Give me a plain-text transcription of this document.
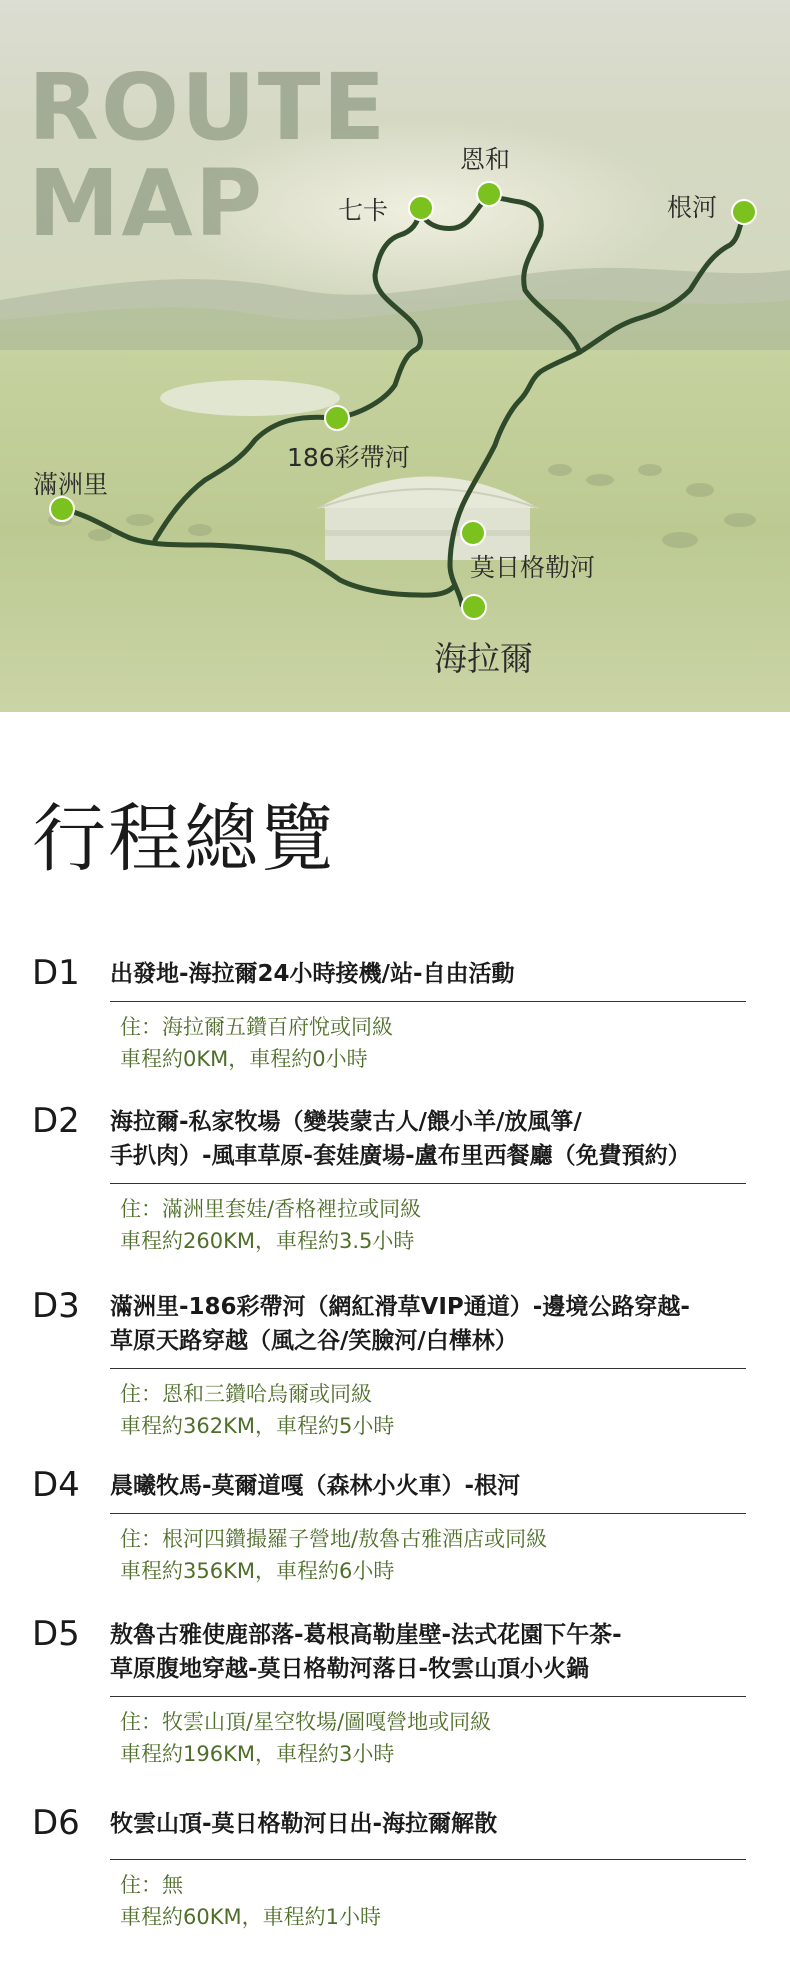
ROUTE
MAP	恩和
七卡	根河
186彩帶河
滿洲里
莫日格勒河
海拉爾
行程總覽
D1 出發地-海拉爾24小時接機/站-自由活動
住：海拉爾五鑽百府悅或同級
車程約0KM，車程約0小時
D2 海拉爾-私家牧場（變裝蒙古人/餵小羊/放風箏/
手扒肉）-風車草原-套娃廣場-盧布里西餐廳（免費預約）
住：滿洲里套娃/香格裡拉或同級
車程約260KM，車程約3.5小時
D3 滿洲里-186彩帶河（網紅滑草VIP通道）-邊境公路穿越-
草原天路穿越（風之谷/笑臉河/白樺林）
住：恩和三鑽哈烏爾或同級
車程約362KM，車程約5小時
D4 晨曦牧馬-莫爾道嘎（森林小火車）-根河
住：根河四鑽撮羅子營地/敖魯古雅酒店或同級
車程約356KM，車程約6小時
D5 敖魯古雅使鹿部落-葛根高勒崖壁-法式花園下午茶-
草原腹地穿越-莫日格勒河落日-牧雲山頂小火鍋
住：牧雲山頂/星空牧場/圖嘎營地或同級
車程約196KM，車程約3小時
D6 牧雲山頂-莫日格勒河日出-海拉爾解散
住：無
車程約60KM，車程約1小時
